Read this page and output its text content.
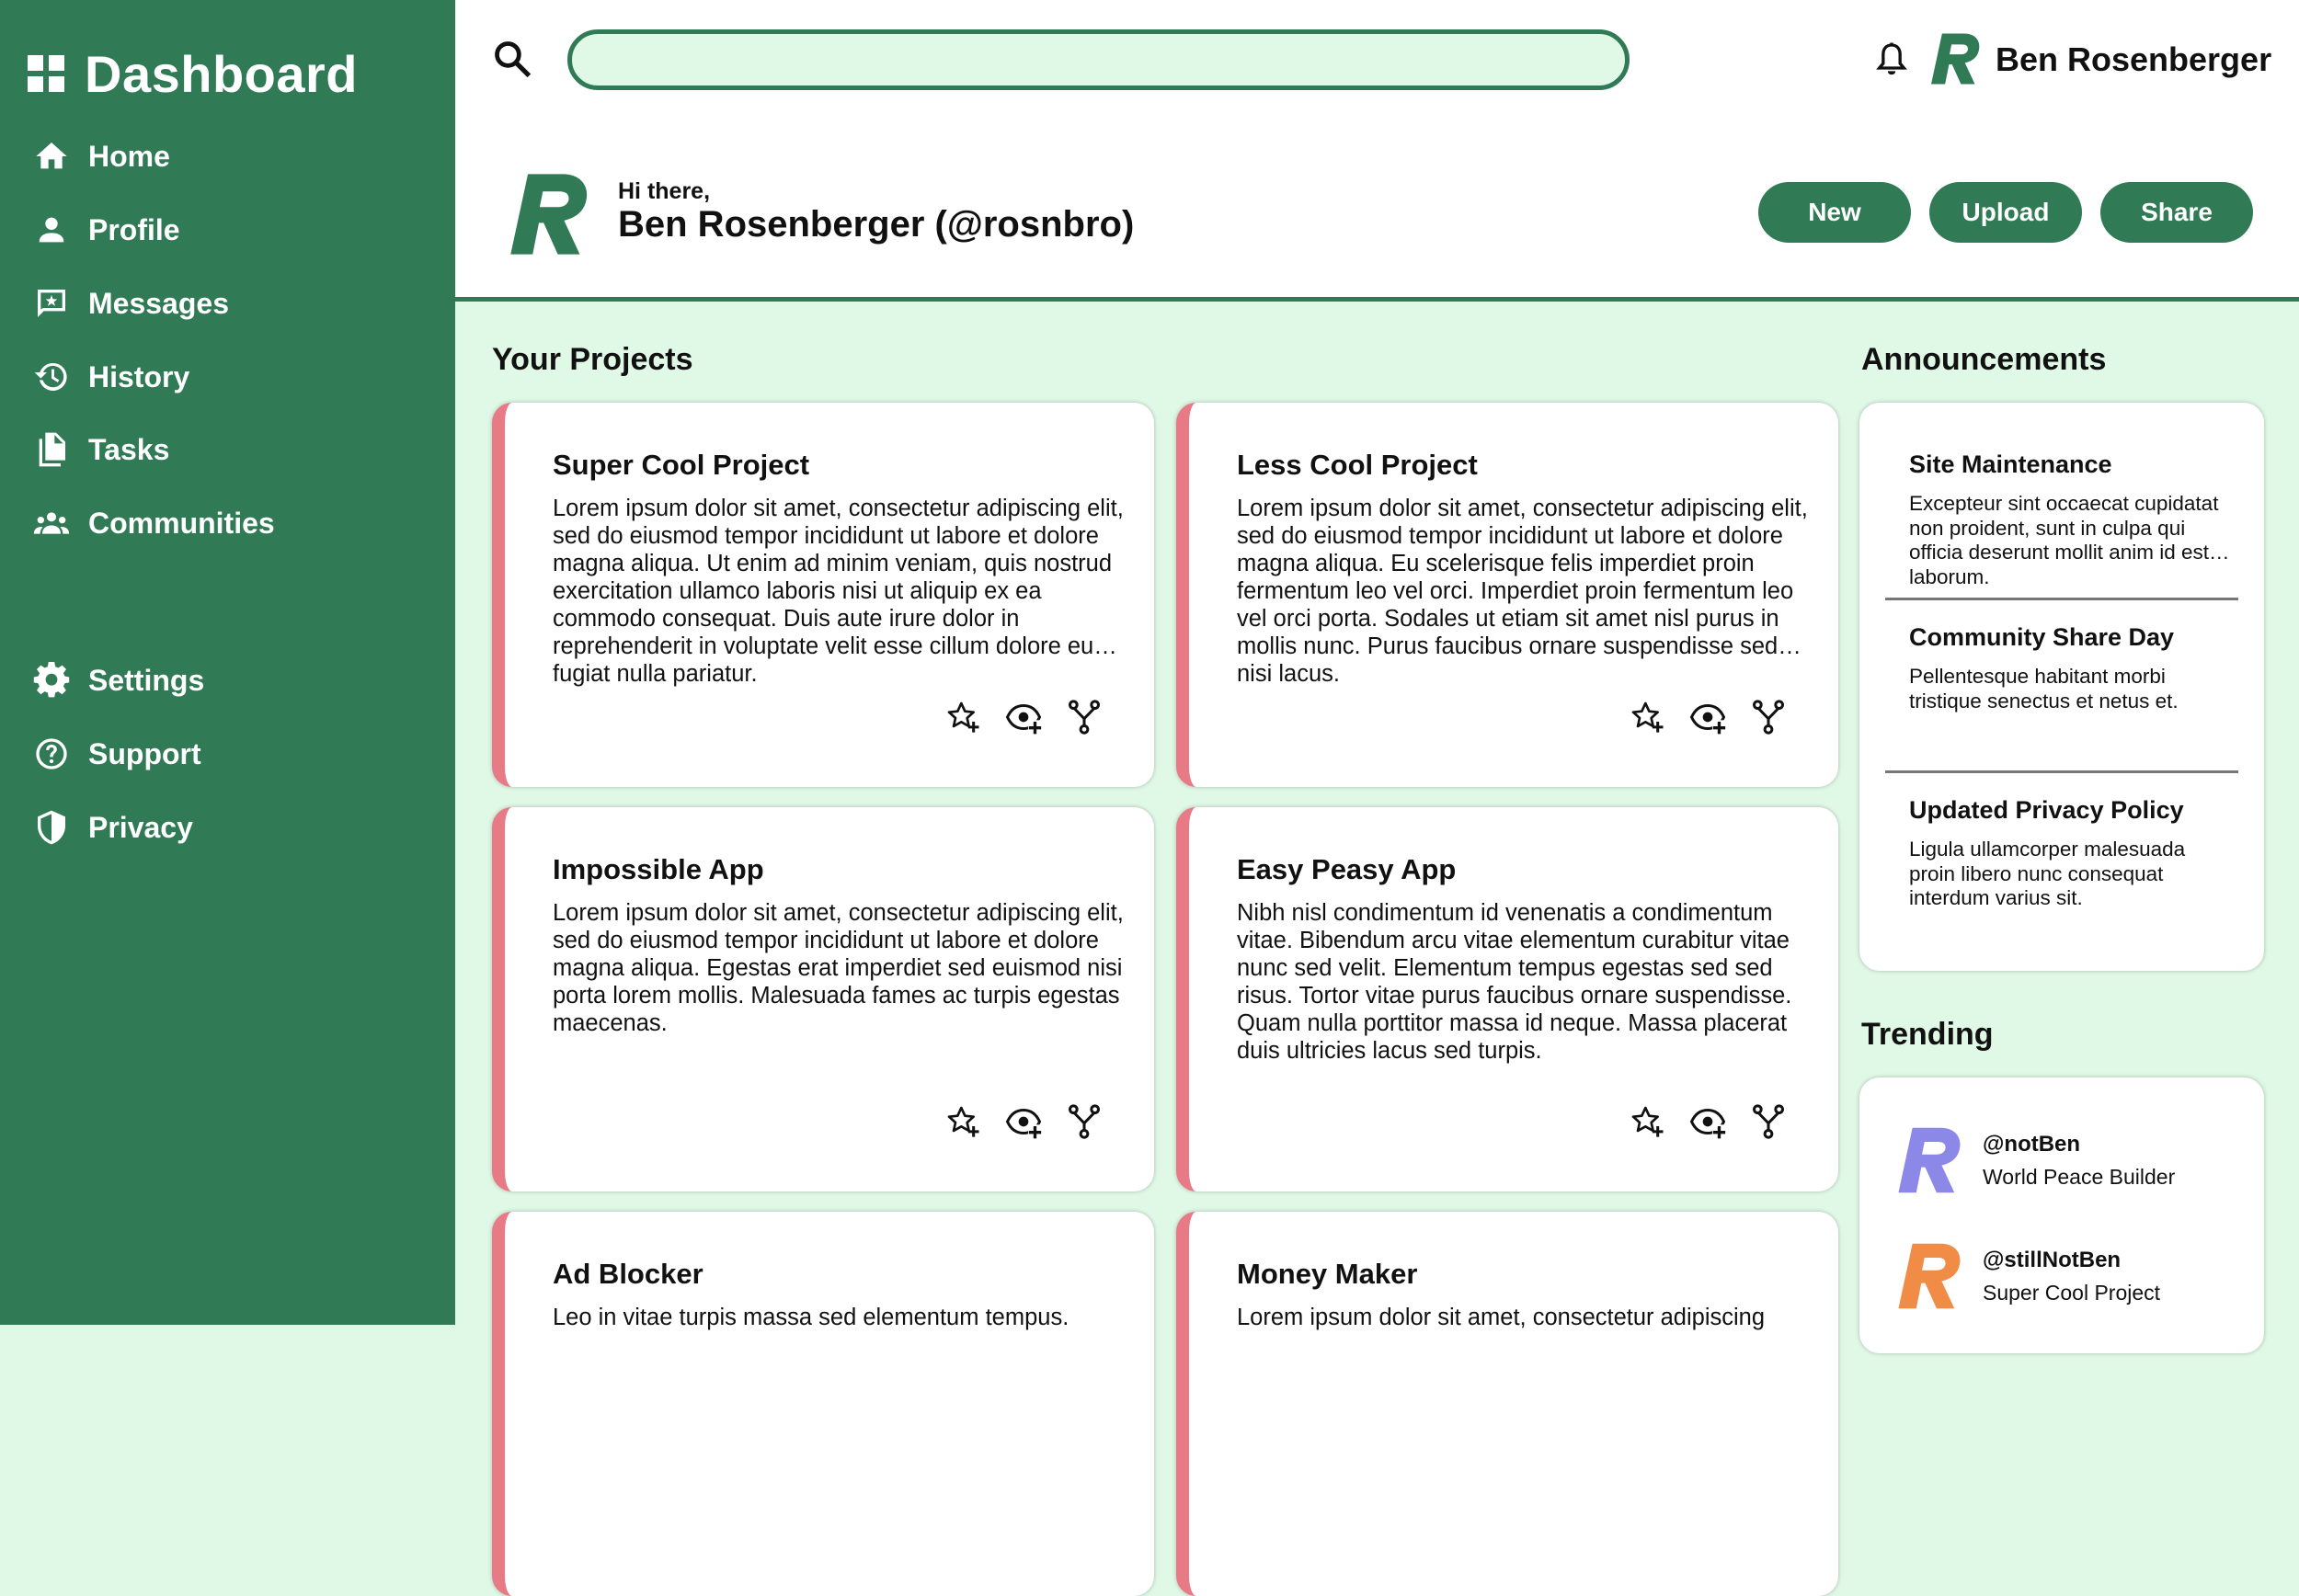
Dashboard
Home
Profile
Messages
History
Tasks
Communities
Settings
Support
Privacy
Ben Rosenberger
Hi there,
Ben Rosenberger (@rosnbro)	New	Upload	Share
Your Projects
Super Cool Project
Lorem ipsum dolor sit amet, consectetur adipiscing elit, sed do eiusmod tempor incididunt ut labore et dolore magna aliqua. Ut enim ad minim veniam, quis nostrud exercitation ullamco laboris nisi ut aliquip ex ea commodo consequat. Duis aute irure dolor in reprehenderit in voluptate velit esse cillum dolore eu fugiat nulla pariatur.
Less Cool Project
Lorem ipsum dolor sit amet, consectetur adipiscing elit, sed do eiusmod tempor incididunt ut labore et dolore magna aliqua. Eu scelerisque felis imperdiet proin fermentum leo vel orci. Imperdiet proin fermentum leo vel orci porta. Sodales ut etiam sit amet nisl purus in mollis nunc. Purus faucibus ornare suspendisse sed nisi lacus.
Impossible App
Lorem ipsum dolor sit amet, consectetur adipiscing elit, sed do eiusmod tempor incididunt ut labore et dolore magna aliqua. Egestas erat imperdiet sed euismod nisi porta lorem mollis. Malesuada fames ac turpis egestas maecenas.
Easy Peasy App
Nibh nisl condimentum id venenatis a condimentum vitae. Bibendum arcu vitae elementum curabitur vitae nunc sed velit. Elementum tempus egestas sed sed risus. Tortor vitae purus faucibus ornare suspendisse. Quam nulla porttitor massa id neque. Massa placerat duis ultricies lacus sed turpis.
Ad Blocker
Leo in vitae turpis massa sed elementum tempus.
Money Maker
Lorem ipsum dolor sit amet, consectetur adipiscing
Announcements
Site Maintenance
Excepteur sint occaecat cupidatat non proident, sunt in culpa qui officia deserunt mollit anim id est laborum.
Community Share Day
Pellentesque habitant morbi tristique senectus et netus et.
Updated Privacy Policy
Ligula ullamcorper malesuada proin libero nunc consequat interdum varius sit.
Trending
@notBen
World Peace Builder
@stillNotBen
Super Cool Project
